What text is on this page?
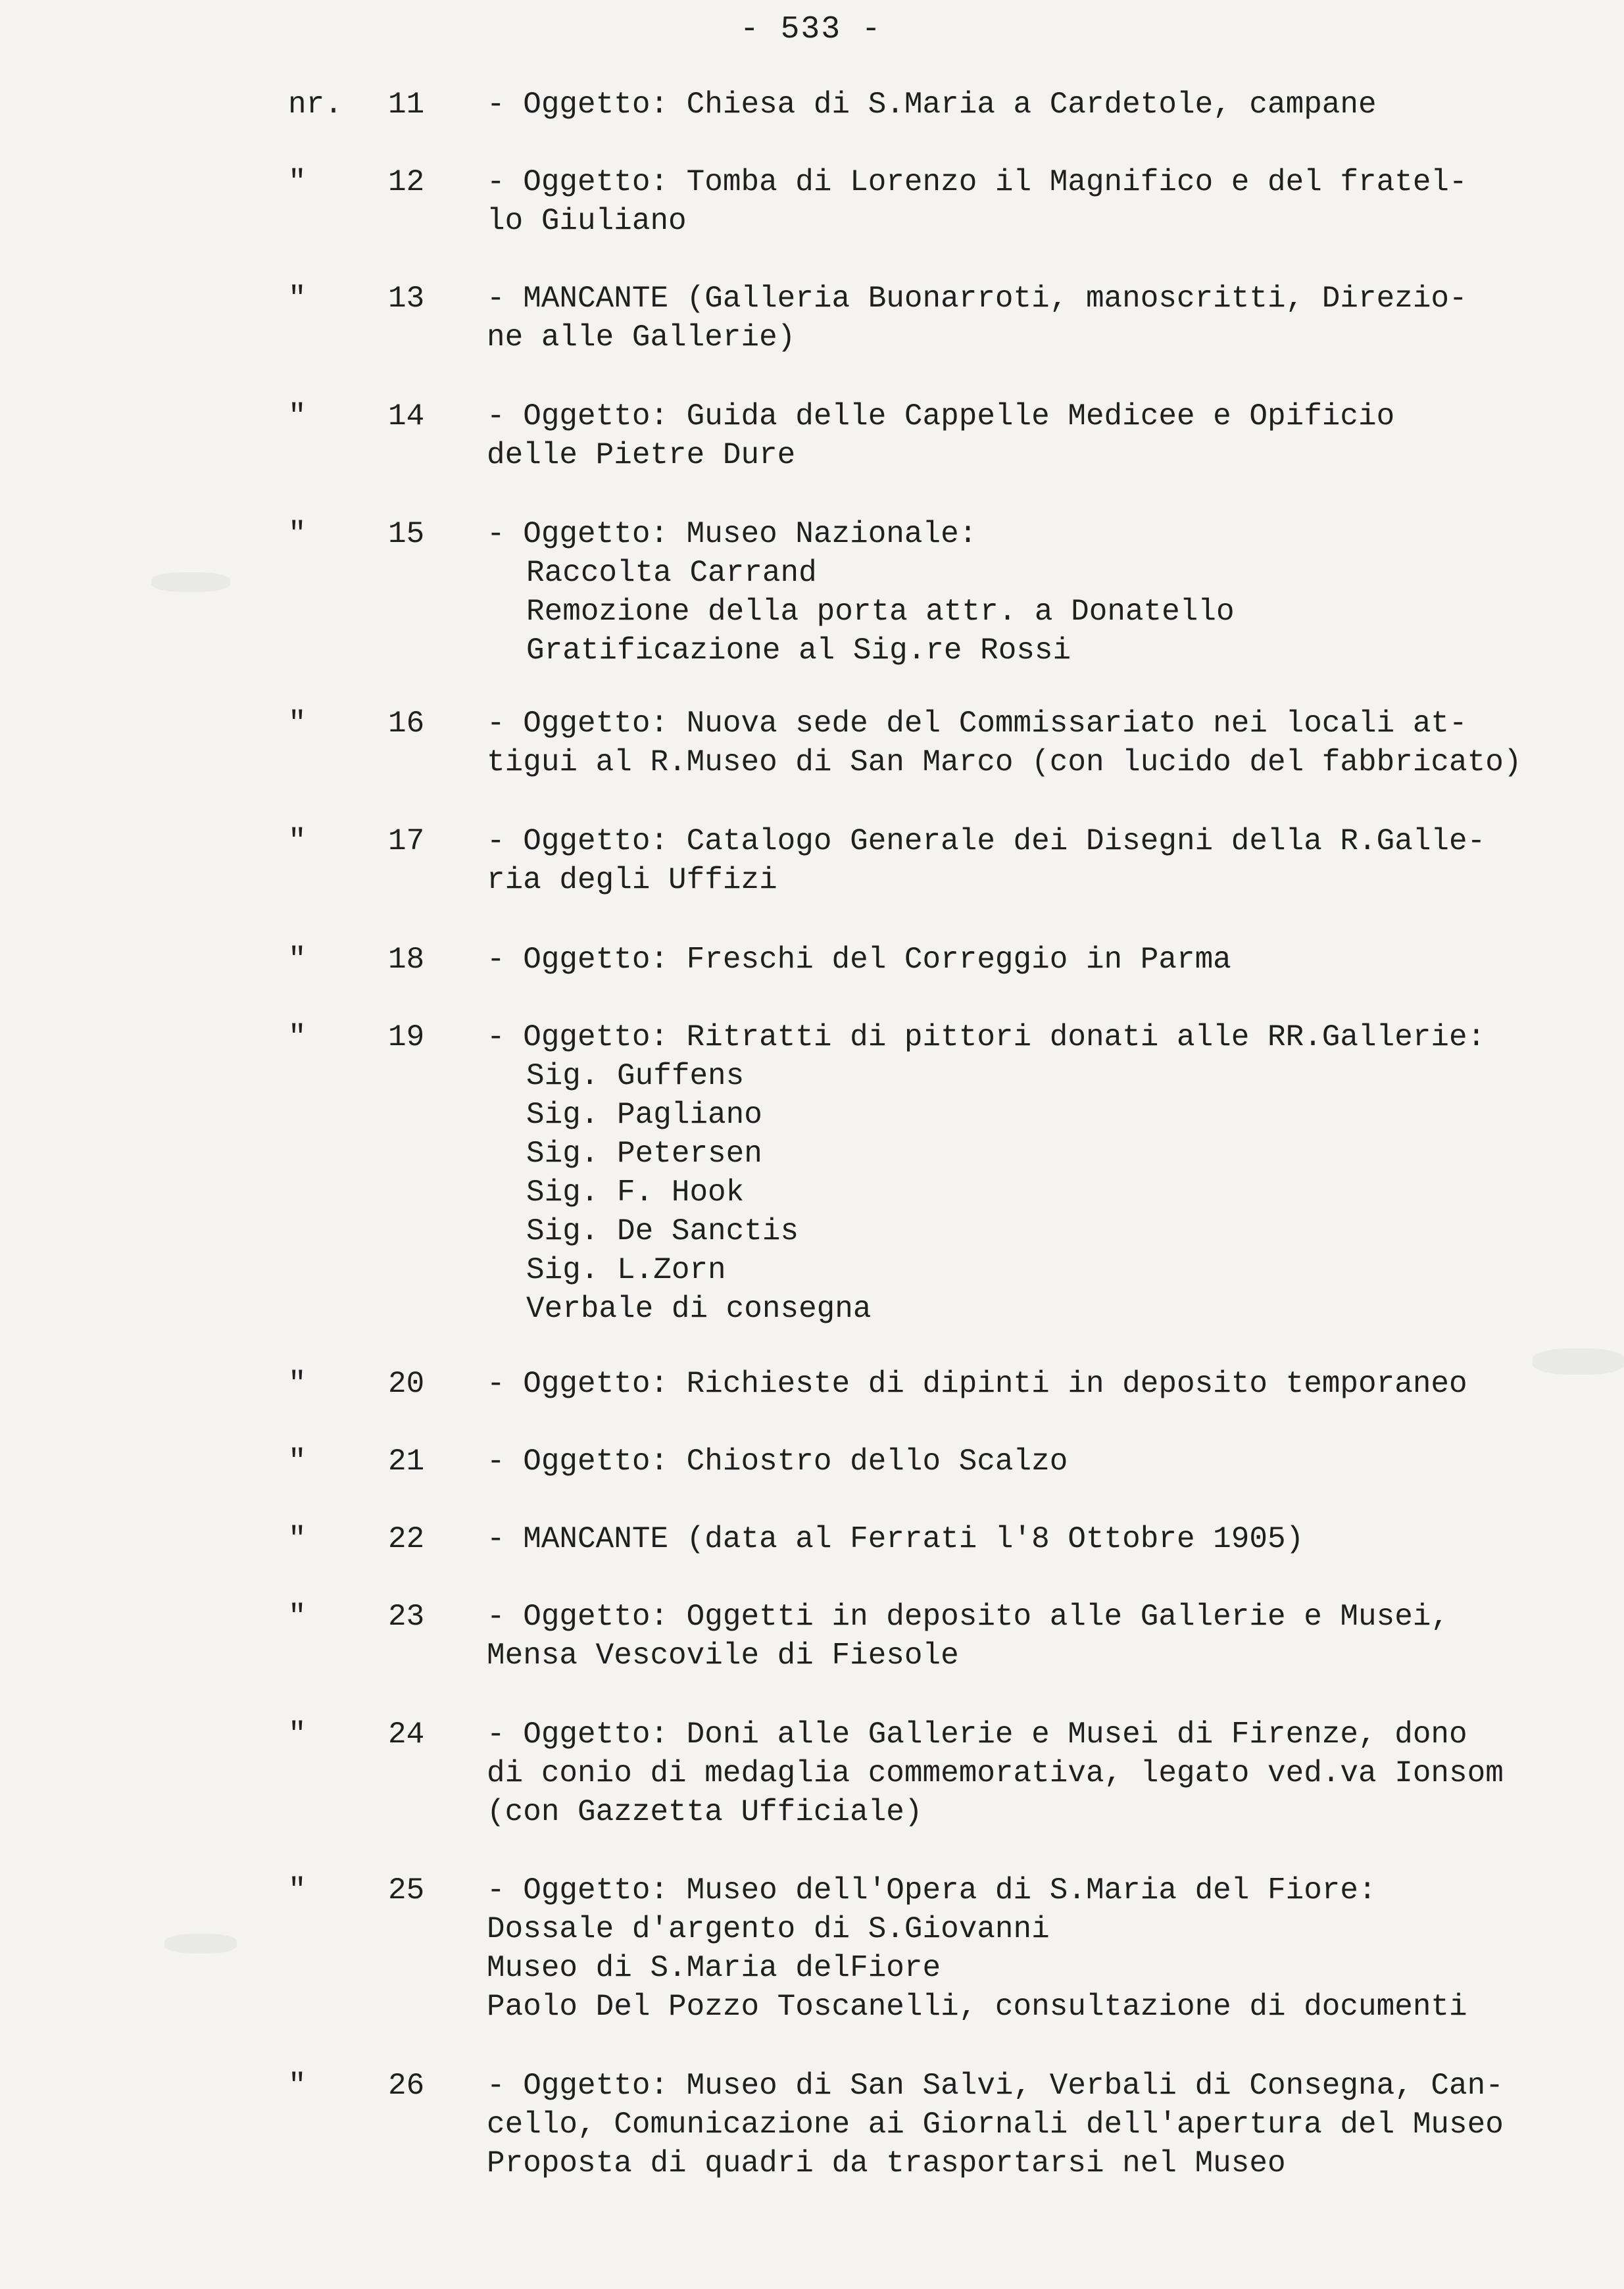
- 533 -
nr. 11 - Oggetto: Chiesa di S.Maria a Cardetole, campane
"	12 - Oggetto: Tomba di Lorenzo il Magnifico e del fratel-
lo Giuliano
"	13 - MANCANTE (Galleria Buonarroti, manoscritti, Direzio-
ne alle Gallerie)
"	14 - Oggetto: Guida delle Cappelle Medicee e Opificio
delle Pietre Dure
"	15 - Oggetto: Museo Nazionale:
Raccolta Carrand
Remozione della porta attr. a Donatello
Gratificazione al Sig.re Rossi
"	16 - Oggetto: Nuova sede del Commissariato nei locali at-
tigui al R.Museo di San Marco (con lucido del fabbricato)
"	17 - Oggetto: Catalogo Generale dei Disegni della R.Galle-
ria degli Uffizi
"	18 - Oggetto: Freschi del Correggio in Parma
"	19 - Oggetto: Ritratti di pittori donati alle RR.Gallerie:
Sig. Guffens
Sig. Pagliano
Sig. Petersen
Sig. F. Hook
Sig. De Sanctis
Sig. L.Zorn
Verbale di consegna
"	20 - Oggetto: Richieste di dipinti in deposito temporaneo
"	21 - Oggetto: Chiostro dello Scalzo
"	22 - MANCANTE (data al Ferrati l'8 Ottobre 1905)
"	23 - Oggetto: Oggetti in deposito alle Gallerie e Musei,
Mensa Vescovile di Fiesole
"	24 - Oggetto: Doni alle Gallerie e Musei di Firenze, dono
di conio di medaglia commemorativa, legato ved.va Ionsom
(con Gazzetta Ufficiale)
"	25 - Oggetto: Museo dell'Opera di S.Maria del Fiore:
Dossale d'argento di S.Giovanni
Museo di S.Maria delFiore
Paolo Del Pozzo Toscanelli, consultazione di documenti
"	26 - Oggetto: Museo di San Salvi, Verbali di Consegna, Can-
cello, Comunicazione ai Giornali dell'apertura del Museo
Proposta di quadri da trasportarsi nel Museo
